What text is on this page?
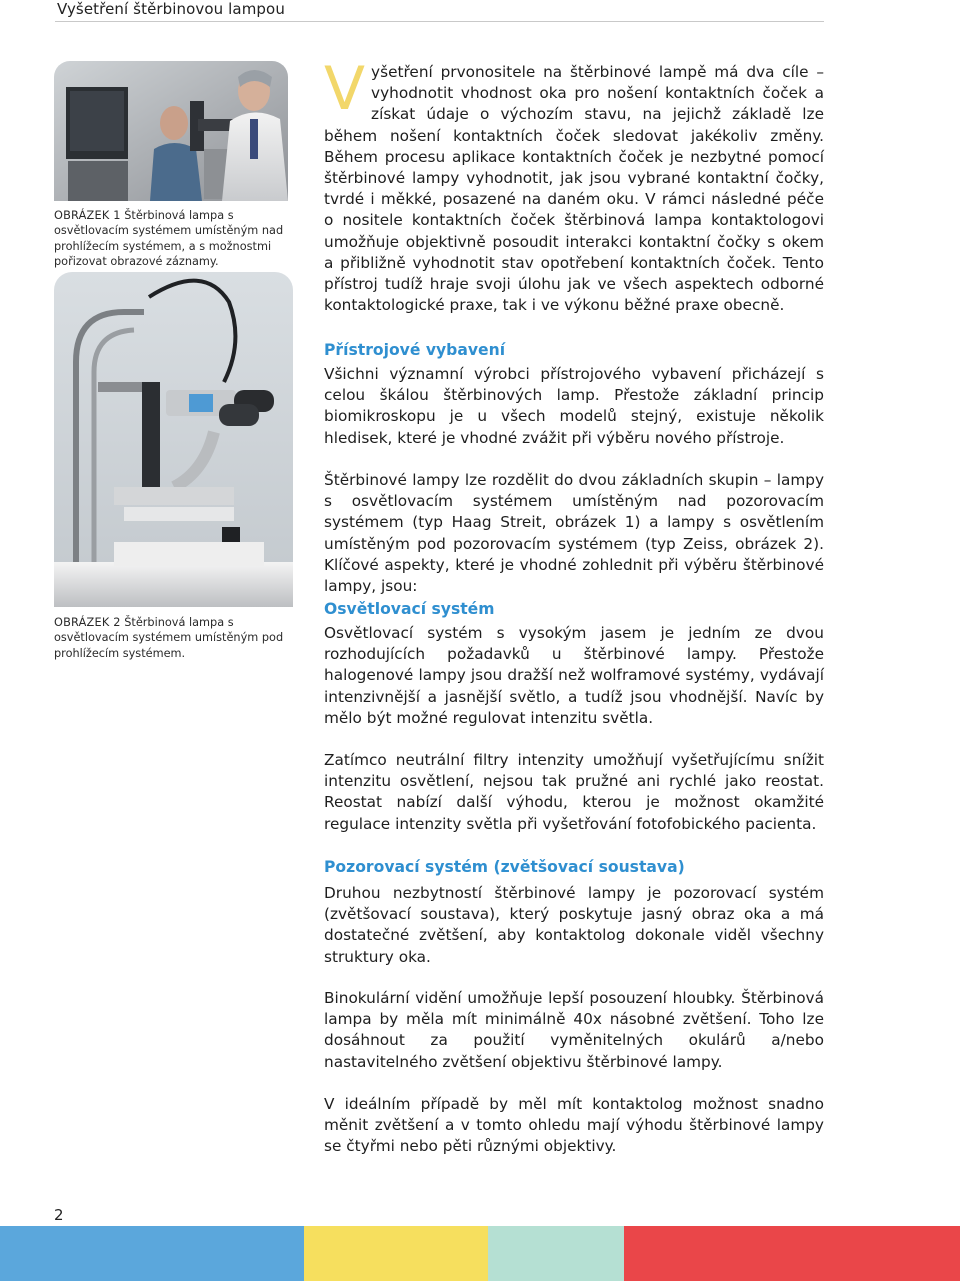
Vyšetření štěrbinovou lampou
OBRÁZEK 1 Štěrbinová lampa s osvětlovacím systémem umístěným nad prohlížecím systémem, a s možnostmi pořizovat obrazové záznamy.
OBRÁZEK 2 Štěrbinová lampa s osvětlovacím systémem umístěným pod prohlížecím systémem.

Vyšetření prvonositele na štěrbinové lampě má dva cíle – vyhodnotit vhodnost oka pro nošení kontaktních čoček a získat údaje o výchozím stavu, na jejichž základě lze během nošení kontaktních čoček sledovat jakékoliv změny. Během procesu aplikace kontaktních čoček je nezbytné pomocí štěrbinové lampy vyhodnotit, jak jsou vybrané kontaktní čočky, tvrdé i měkké, posazené na daném oku. V rámci následné péče o nositele kontaktních čoček štěrbinová lampa kontaktologovi umožňuje objektivně posoudit interakci kontaktní čočky s okem a přibližně vyhodnotit stav opotřebení kontaktních čoček. Tento přístroj tudíž hraje svoji úlohu jak ve všech aspektech odborné kontaktologické praxe, tak i ve výkonu běžné praxe obecně.

Přístrojové vybavení

Všichni významní výrobci přístrojového vybavení přicházejí s celou škálou štěrbinových lamp. Přestože základní princip biomikroskopu je u všech modelů stejný, existuje několik hledisek, které je vhodné zvážit při výběru nového přístroje.

Štěrbinové lampy lze rozdělit do dvou základních skupin – lampy s osvětlovacím systémem umístěným nad pozorovacím systémem (typ Haag Streit, obrázek 1) a lampy s osvětlením umístěným pod pozorovacím systémem (typ Zeiss, obrázek 2). Klíčové aspekty, které je vhodné zohlednit při výběru štěrbinové lampy, jsou:

Osvětlovací systém

Osvětlovací systém s vysokým jasem je jedním ze dvou rozhodujících požadavků u štěrbinové lampy. Přestože halogenové lampy jsou dražší než wolframové systémy, vydávají intenzivnější a jasnější světlo, a tudíž jsou vhodnější. Navíc by mělo být možné regulovat intenzitu světla.

Zatímco neutrální filtry intenzity umožňují vyšetřujícímu snížit intenzitu osvětlení, nejsou tak pružné ani rychlé jako reostat. Reostat nabízí další výhodu, kterou je možnost okamžité regulace intenzity světla při vyšetřování fotofobického pacienta.

Pozorovací systém (zvětšovací soustava)

Druhou nezbytností štěrbinové lampy je pozorovací systém (zvětšovací soustava), který poskytuje jasný obraz oka a má dostatečné zvětšení, aby kontaktolog dokonale viděl všechny struktury oka.

Binokulární vidění umožňuje lepší posouzení hloubky. Štěrbinová lampa by měla mít minimálně 40x násobné zvětšení. Toho lze dosáhnout za použití vyměnitelných okulárů a/nebo nastavitelného zvětšení objektivu štěrbinové lampy.

V ideálním případě by měl mít kontaktolog možnost snadno měnit zvětšení a v tomto ohledu mají výhodu štěrbinové lampy se čtyřmi nebo pěti různými objektivy.

2
